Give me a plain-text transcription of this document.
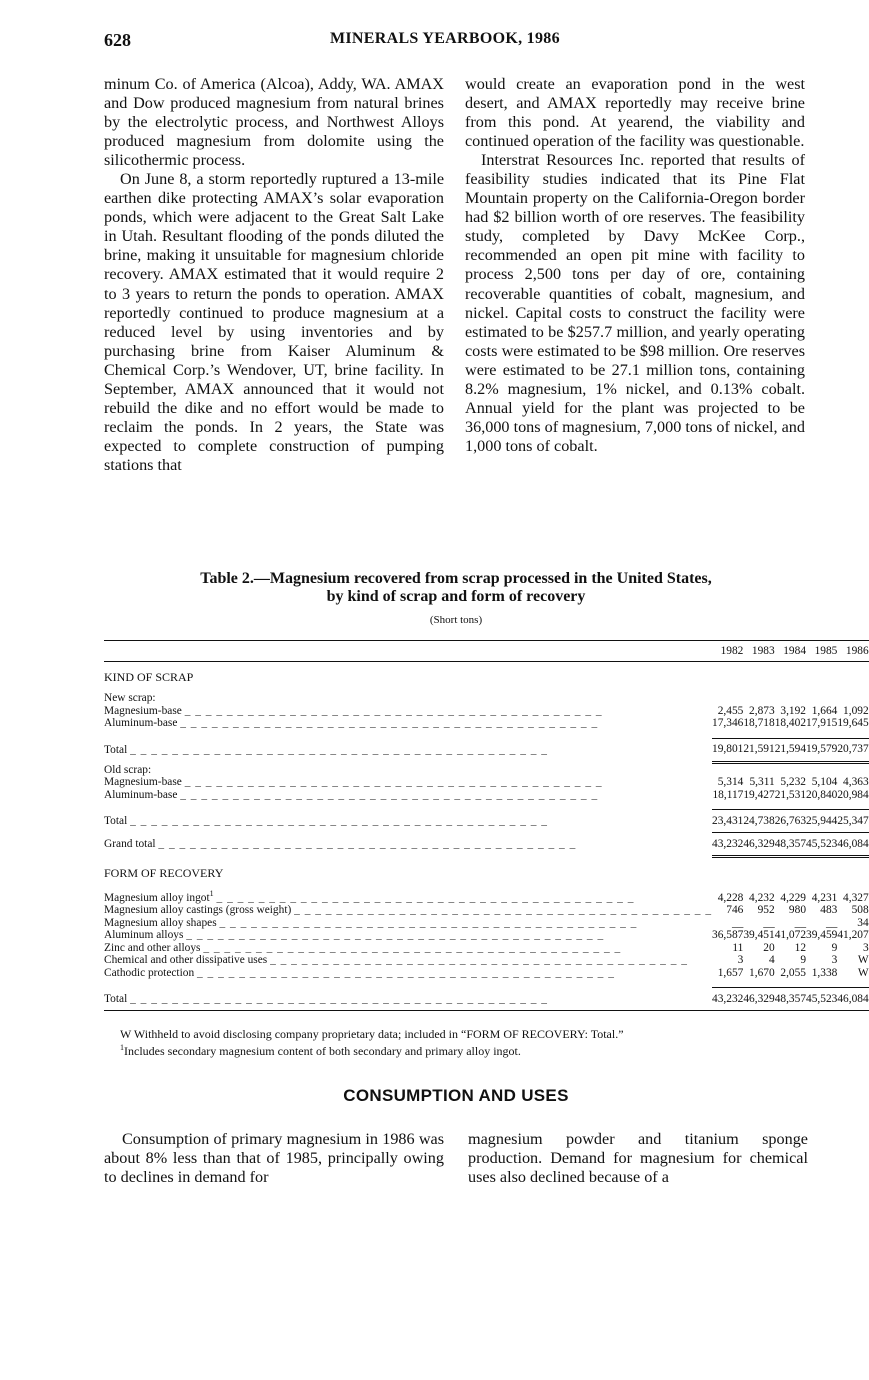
628	MINERALS YEARBOOK, 1986

minum Co. of America (Alcoa), Addy, WA. AMAX and Dow produced magnesium from natural brines by the electrolytic process, and Northwest Alloys produced magnesium from dolomite using the silicothermic process.

On June 8, a storm reportedly ruptured a 13-mile earthen dike protecting AMAX’s solar evaporation ponds, which were adjacent to the Great Salt Lake in Utah. Resultant flooding of the ponds diluted the brine, making it unsuitable for magnesium chloride recovery. AMAX estimated that it would require 2 to 3 years to return the ponds to operation. AMAX reportedly continued to produce magnesium at a reduced level by using inventories and by purchasing brine from Kaiser Aluminum & Chemical Corp.’s Wendover, UT, brine facility. In September, AMAX announced that it would not rebuild the dike and no effort would be made to reclaim the ponds. In 2 years, the State was expected to complete construction of pumping stations that

would create an evaporation pond in the west desert, and AMAX reportedly may receive brine from this pond. At yearend, the viability and continued operation of the facility was questionable.

Interstrat Resources Inc. reported that results of feasibility studies indicated that its Pine Flat Mountain property on the California-Oregon border had $2 billion worth of ore reserves. The feasibility study, completed by Davy McKee Corp., recommended an open pit mine with facility to process 2,500 tons per day of ore, containing recoverable quantities of cobalt, magnesium, and nickel. Capital costs to construct the facility were estimated to be $257.7 million, and yearly operating costs were estimated to be $98 million. Ore reserves were estimated to be 27.1 million tons, containing 8.2% magnesium, 1% nickel, and 0.13% cobalt. Annual yield for the plant was projected to be 36,000 tons of magnesium, 7,000 tons of nickel, and 1,000 tons of cobalt.

Table 2.—Magnesium recovered from scrap processed in the United States,
by kind of scrap and form of recovery
(Short tons)
	1982	1983	1984	1985	1986
KIND OF SCRAP					
New scrap:					
Magnesium-base _ _ _ _ _ _ _ _ _ _ _ _ _ _ _ _ _ _ _ _ _ _ _ _ _ _ _ _ _ _ _ _ _ _ _ _ _ _ _ _	2,455	2,873	3,192	1,664	1,092
Aluminum-base _ _ _ _ _ _ _ _ _ _ _ _ _ _ _ _ _ _ _ _ _ _ _ _ _ _ _ _ _ _ _ _ _ _ _ _ _ _ _ _	17,346	18,718	18,402	17,915	19,645

Total _ _ _ _ _ _ _ _ _ _ _ _ _ _ _ _ _ _ _ _ _ _ _ _ _ _ _ _ _ _ _ _ _ _ _ _ _ _ _ _	19,801	21,591	21,594	19,579	20,737

Old scrap:					
Magnesium-base _ _ _ _ _ _ _ _ _ _ _ _ _ _ _ _ _ _ _ _ _ _ _ _ _ _ _ _ _ _ _ _ _ _ _ _ _ _ _ _	5,314	5,311	5,232	5,104	4,363
Aluminum-base _ _ _ _ _ _ _ _ _ _ _ _ _ _ _ _ _ _ _ _ _ _ _ _ _ _ _ _ _ _ _ _ _ _ _ _ _ _ _ _	18,117	19,427	21,531	20,840	20,984

Total _ _ _ _ _ _ _ _ _ _ _ _ _ _ _ _ _ _ _ _ _ _ _ _ _ _ _ _ _ _ _ _ _ _ _ _ _ _ _ _	23,431	24,738	26,763	25,944	25,347
Grand total _ _ _ _ _ _ _ _ _ _ _ _ _ _ _ _ _ _ _ _ _ _ _ _ _ _ _ _ _ _ _ _ _ _ _ _ _ _ _ _	43,232	46,329	48,357	45,523	46,084

FORM OF RECOVERY					
Magnesium alloy ingot$^1$ _ _ _ _ _ _ _ _ _ _ _ _ _ _ _ _ _ _ _ _ _ _ _ _ _ _ _ _ _ _ _ _ _ _ _ _ _ _ _ _	4,228	4,232	4,229	4,231	4,327
Magnesium alloy castings (gross weight) _ _ _ _ _ _ _ _ _ _ _ _ _ _ _ _ _ _ _ _ _ _ _ _ _ _ _ _ _ _ _ _ _ _ _ _ _ _ _ _	746	952	980	483	508
Magnesium alloy shapes _ _ _ _ _ _ _ _ _ _ _ _ _ _ _ _ _ _ _ _ _ _ _ _ _ _ _ _ _ _ _ _ _ _ _ _ _ _ _ _	__	__	__	__	34
Aluminum alloys _ _ _ _ _ _ _ _ _ _ _ _ _ _ _ _ _ _ _ _ _ _ _ _ _ _ _ _ _ _ _ _ _ _ _ _ _ _ _ _	36,587	39,451	41,072	39,459	41,207
Zinc and other alloys _ _ _ _ _ _ _ _ _ _ _ _ _ _ _ _ _ _ _ _ _ _ _ _ _ _ _ _ _ _ _ _ _ _ _ _ _ _ _ _	11	20	12	9	3
Chemical and other dissipative uses _ _ _ _ _ _ _ _ _ _ _ _ _ _ _ _ _ _ _ _ _ _ _ _ _ _ _ _ _ _ _ _ _ _ _ _ _ _ _ _	3	4	9	3	W
Cathodic protection _ _ _ _ _ _ _ _ _ _ _ _ _ _ _ _ _ _ _ _ _ _ _ _ _ _ _ _ _ _ _ _ _ _ _ _ _ _ _ _	1,657	1,670	2,055	1,338	W

Total _ _ _ _ _ _ _ _ _ _ _ _ _ _ _ _ _ _ _ _ _ _ _ _ _ _ _ _ _ _ _ _ _ _ _ _ _ _ _ _	43,232	46,329	48,357	45,523	46,084
W Withheld to avoid disclosing company proprietary data; included in “FORM OF RECOVERY: Total.”
$^1$Includes secondary magnesium content of both secondary and primary alloy ingot.
CONSUMPTION AND USES

Consumption of primary magnesium in 1986 was about 8% less than that of 1985, principally owing to declines in demand for

magnesium powder and titanium sponge production. Demand for magnesium for chemical uses also declined because of a
